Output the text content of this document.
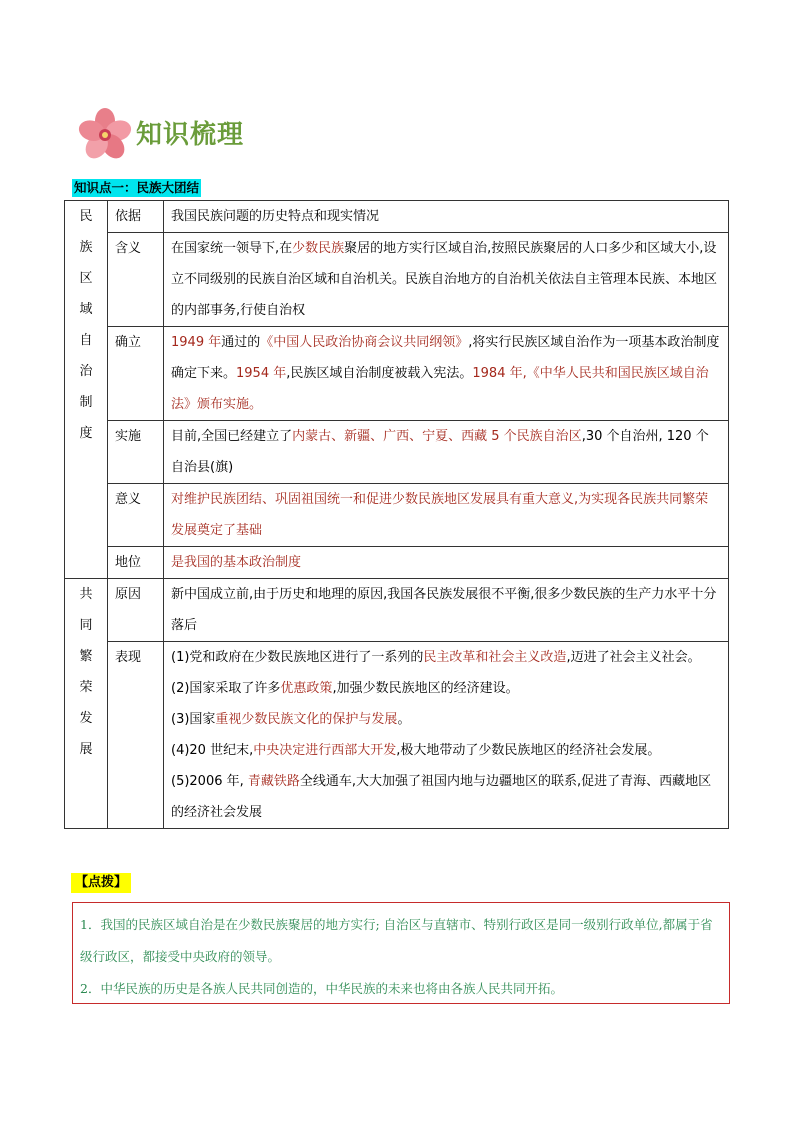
知识梳理
知识点一：民族大团结
民族区域自治制度	依据	我国民族问题的历史特点和现实情况
	含义	在国家统一领导下,在少数民族聚居的地方实行区域自治,按照民族聚居的人口多少和区域大小,设立不同级别的民族自治区域和自治机关。民族自治地方的自治机关依法自主管理本民族、本地区的内部事务,行使自治权
	确立	1949 年通过的《中国人民政治协商会议共同纲领》,将实行民族区域自治作为一项基本政治制度确定下来。1954 年,民族区域自治制度被载入宪法。1984 年,《中华人民共和国民族区域自治法》颁布实施。
	实施	目前,全国已经建立了内蒙古、新疆、广西、宁夏、西藏 5 个民族自治区,30 个自治州, 120 个自治县(旗)
	意义	对维护民族团结、巩固祖国统一和促进少数民族地区发展具有重大意义,为实现各民族共同繁荣发展奠定了基础
	地位	是我国的基本政治制度
共同繁荣发展	原因	新中国成立前,由于历史和地理的原因,我国各民族发展很不平衡,很多少数民族的生产力水平十分落后
	表现	(1)党和政府在少数民族地区进行了一系列的民主改革和社会主义改造,迈进了社会主义社会。
(2)国家采取了许多优惠政策,加强少数民族地区的经济建设。
(3)国家重视少数民族文化的保护与发展。
(4)20 世纪末,中央决定进行西部大开发,极大地带动了少数民族地区的经济社会发展。
(5)2006 年, 青藏铁路全线通车,大大加强了祖国内地与边疆地区的联系,促进了青海、西藏地区的经济社会发展
【点拨】
1．我国的民族区域自治是在少数民族聚居的地方实行; 自治区与直辖市、特别行政区是同一级别行政单位,都属于省级行政区，都接受中央政府的领导。
2．中华民族的历史是各族人民共同创造的，中华民族的未来也将由各族人民共同开拓。
